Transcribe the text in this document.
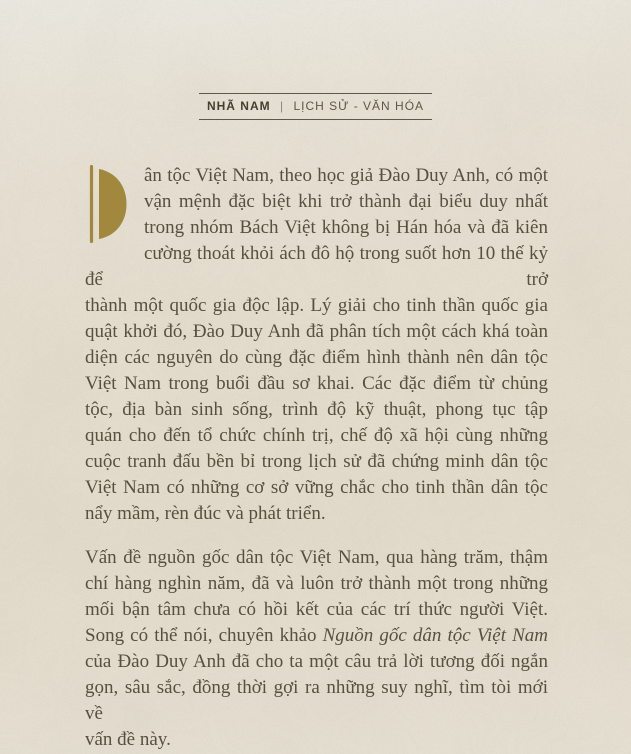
NHÃ NAM | LỊCH SỬ - VĂN HÓA
ân tộc Việt Nam, theo học giả Đào Duy Anh, có một
vận mệnh đặc biệt khi trở thành đại biểu duy nhất
trong nhóm Bách Việt không bị Hán hóa và đã kiên
cường thoát khỏi ách đô hộ trong suốt hơn 10 thế kỷ để trở
thành một quốc gia độc lập. Lý giải cho tinh thần quốc gia
quật khởi đó, Đào Duy Anh đã phân tích một cách khá toàn
diện các nguyên do cùng đặc điểm hình thành nên dân tộc
Việt Nam trong buổi đầu sơ khai. Các đặc điểm từ chủng
tộc, địa bàn sinh sống, trình độ kỹ thuật, phong tục tập
quán cho đến tổ chức chính trị, chế độ xã hội cùng những
cuộc tranh đấu bền bỉ trong lịch sử đã chứng minh dân tộc
Việt Nam có những cơ sở vững chắc cho tinh thần dân tộc
nẩy mầm, rèn đúc và phát triển.
Vấn đề nguồn gốc dân tộc Việt Nam, qua hàng trăm, thậm
chí hàng nghìn năm, đã và luôn trở thành một trong những
mối bận tâm chưa có hồi kết của các trí thức người Việt.
Song có thể nói, chuyên khảo Nguồn gốc dân tộc Việt Nam
của Đào Duy Anh đã cho ta một câu trả lời tương đối ngắn
gọn, sâu sắc, đồng thời gợi ra những suy nghĩ, tìm tòi mới về
vấn đề này.
